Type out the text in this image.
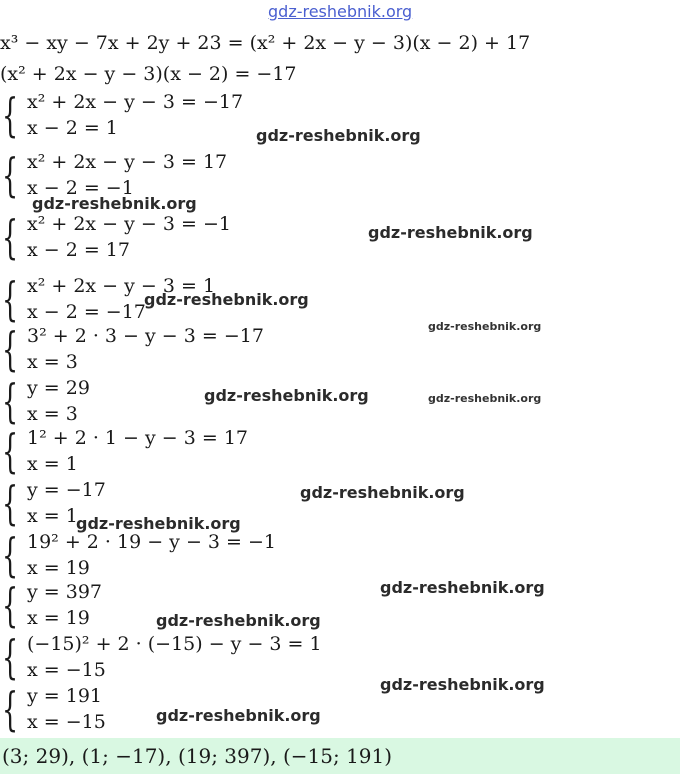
gdz-reshebnik.org
x³ − xy − 7x + 2y + 23 = (x² + 2x − y − 3)(x − 2) + 17
(x² + 2x − y − 3)(x − 2) = −17
{ x² + 2x − y − 3 = −17
x − 2 = 1
{ x² + 2x − y − 3 = 17
x − 2 = −1
{ x² + 2x − y − 3 = −1
x − 2 = 17
{ x² + 2x − y − 3 = 1
x − 2 = −17
{ 3² + 2 · 3 − y − 3 = −17
x = 3
{ y = 29
x = 3
{ 1² + 2 · 1 − y − 3 = 17
x = 1
{ y = −17
x = 1
{ 19² + 2 · 19 − y − 3 = −1
x = 19
{ y = 397
x = 19
{ (−15)² + 2 · (−15) − y − 3 = 1
x = −15
{ y = 191
x = −15
gdz-reshebnik.org
gdz-reshebnik.org
gdz-reshebnik.org
gdz-reshebnik.org
gdz-reshebnik.org
gdz-reshebnik.org	gdz-reshebnik.org
gdz-reshebnik.org
gdz-reshebnik.org
gdz-reshebnik.org
gdz-reshebnik.org
gdz-reshebnik.org
gdz-reshebnik.org
(3; 29), (1; −17), (19; 397), (−15; 191)
